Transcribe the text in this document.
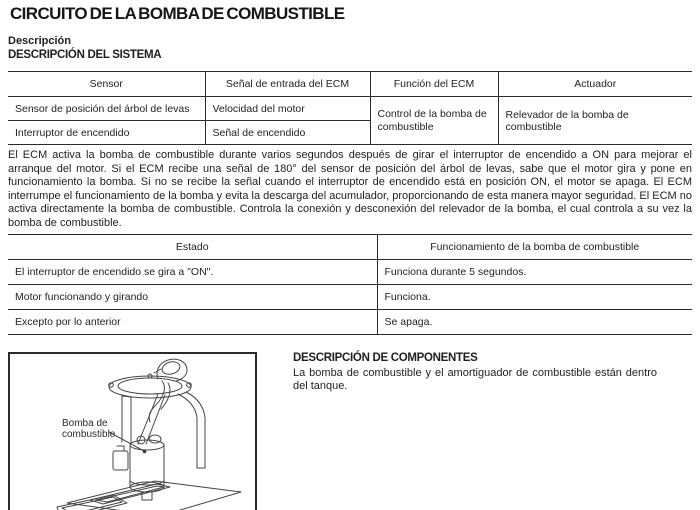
CIRCUITO DE LA BOMBA DE COMBUSTIBLE
Descripción
DESCRIPCIÓN DEL SISTEMA
Sensor	Señal de entrada del ECM	Función del ECM	Actuador
Sensor de posición del árbol de levas	Velocidad del motor	Control de la bomba de combustible	Relevador de la bomba de combustible
Interruptor de encendido	Señal de encendido		

El ECM activa la bomba de combustible durante varios segundos después de girar el interruptor de encendido a ON para mejorar el arranque del motor. Si el ECM recibe una señal de 180° del sensor de posición del árbol de levas, sabe que el motor gira y pone en funcionamiento la bomba. Si no se recibe la señal cuando el interruptor de encendido está en posición ON, el motor se apaga. El ECM interrumpe el funcionamiento de la bomba y evita la descarga del acumulador, proporcionando de esta manera mayor seguridad. El ECM no activa directamente la bomba de combustible. Controla la conexión y desconexión del relevador de la bomba, el cual controla a su vez la bomba de combustible.

Estado	Funcionamiento de la bomba de combustible
El interruptor de encendido se gira a "ON".	Funciona durante 5 segundos.
Motor funcionando y girando	Funciona.
Excepto por lo anterior	Se apaga.
Bomba de
combustible
DESCRIPCIÓN DE COMPONENTES

La bomba de combustible y el amortiguador de combustible están dentro del tanque.
